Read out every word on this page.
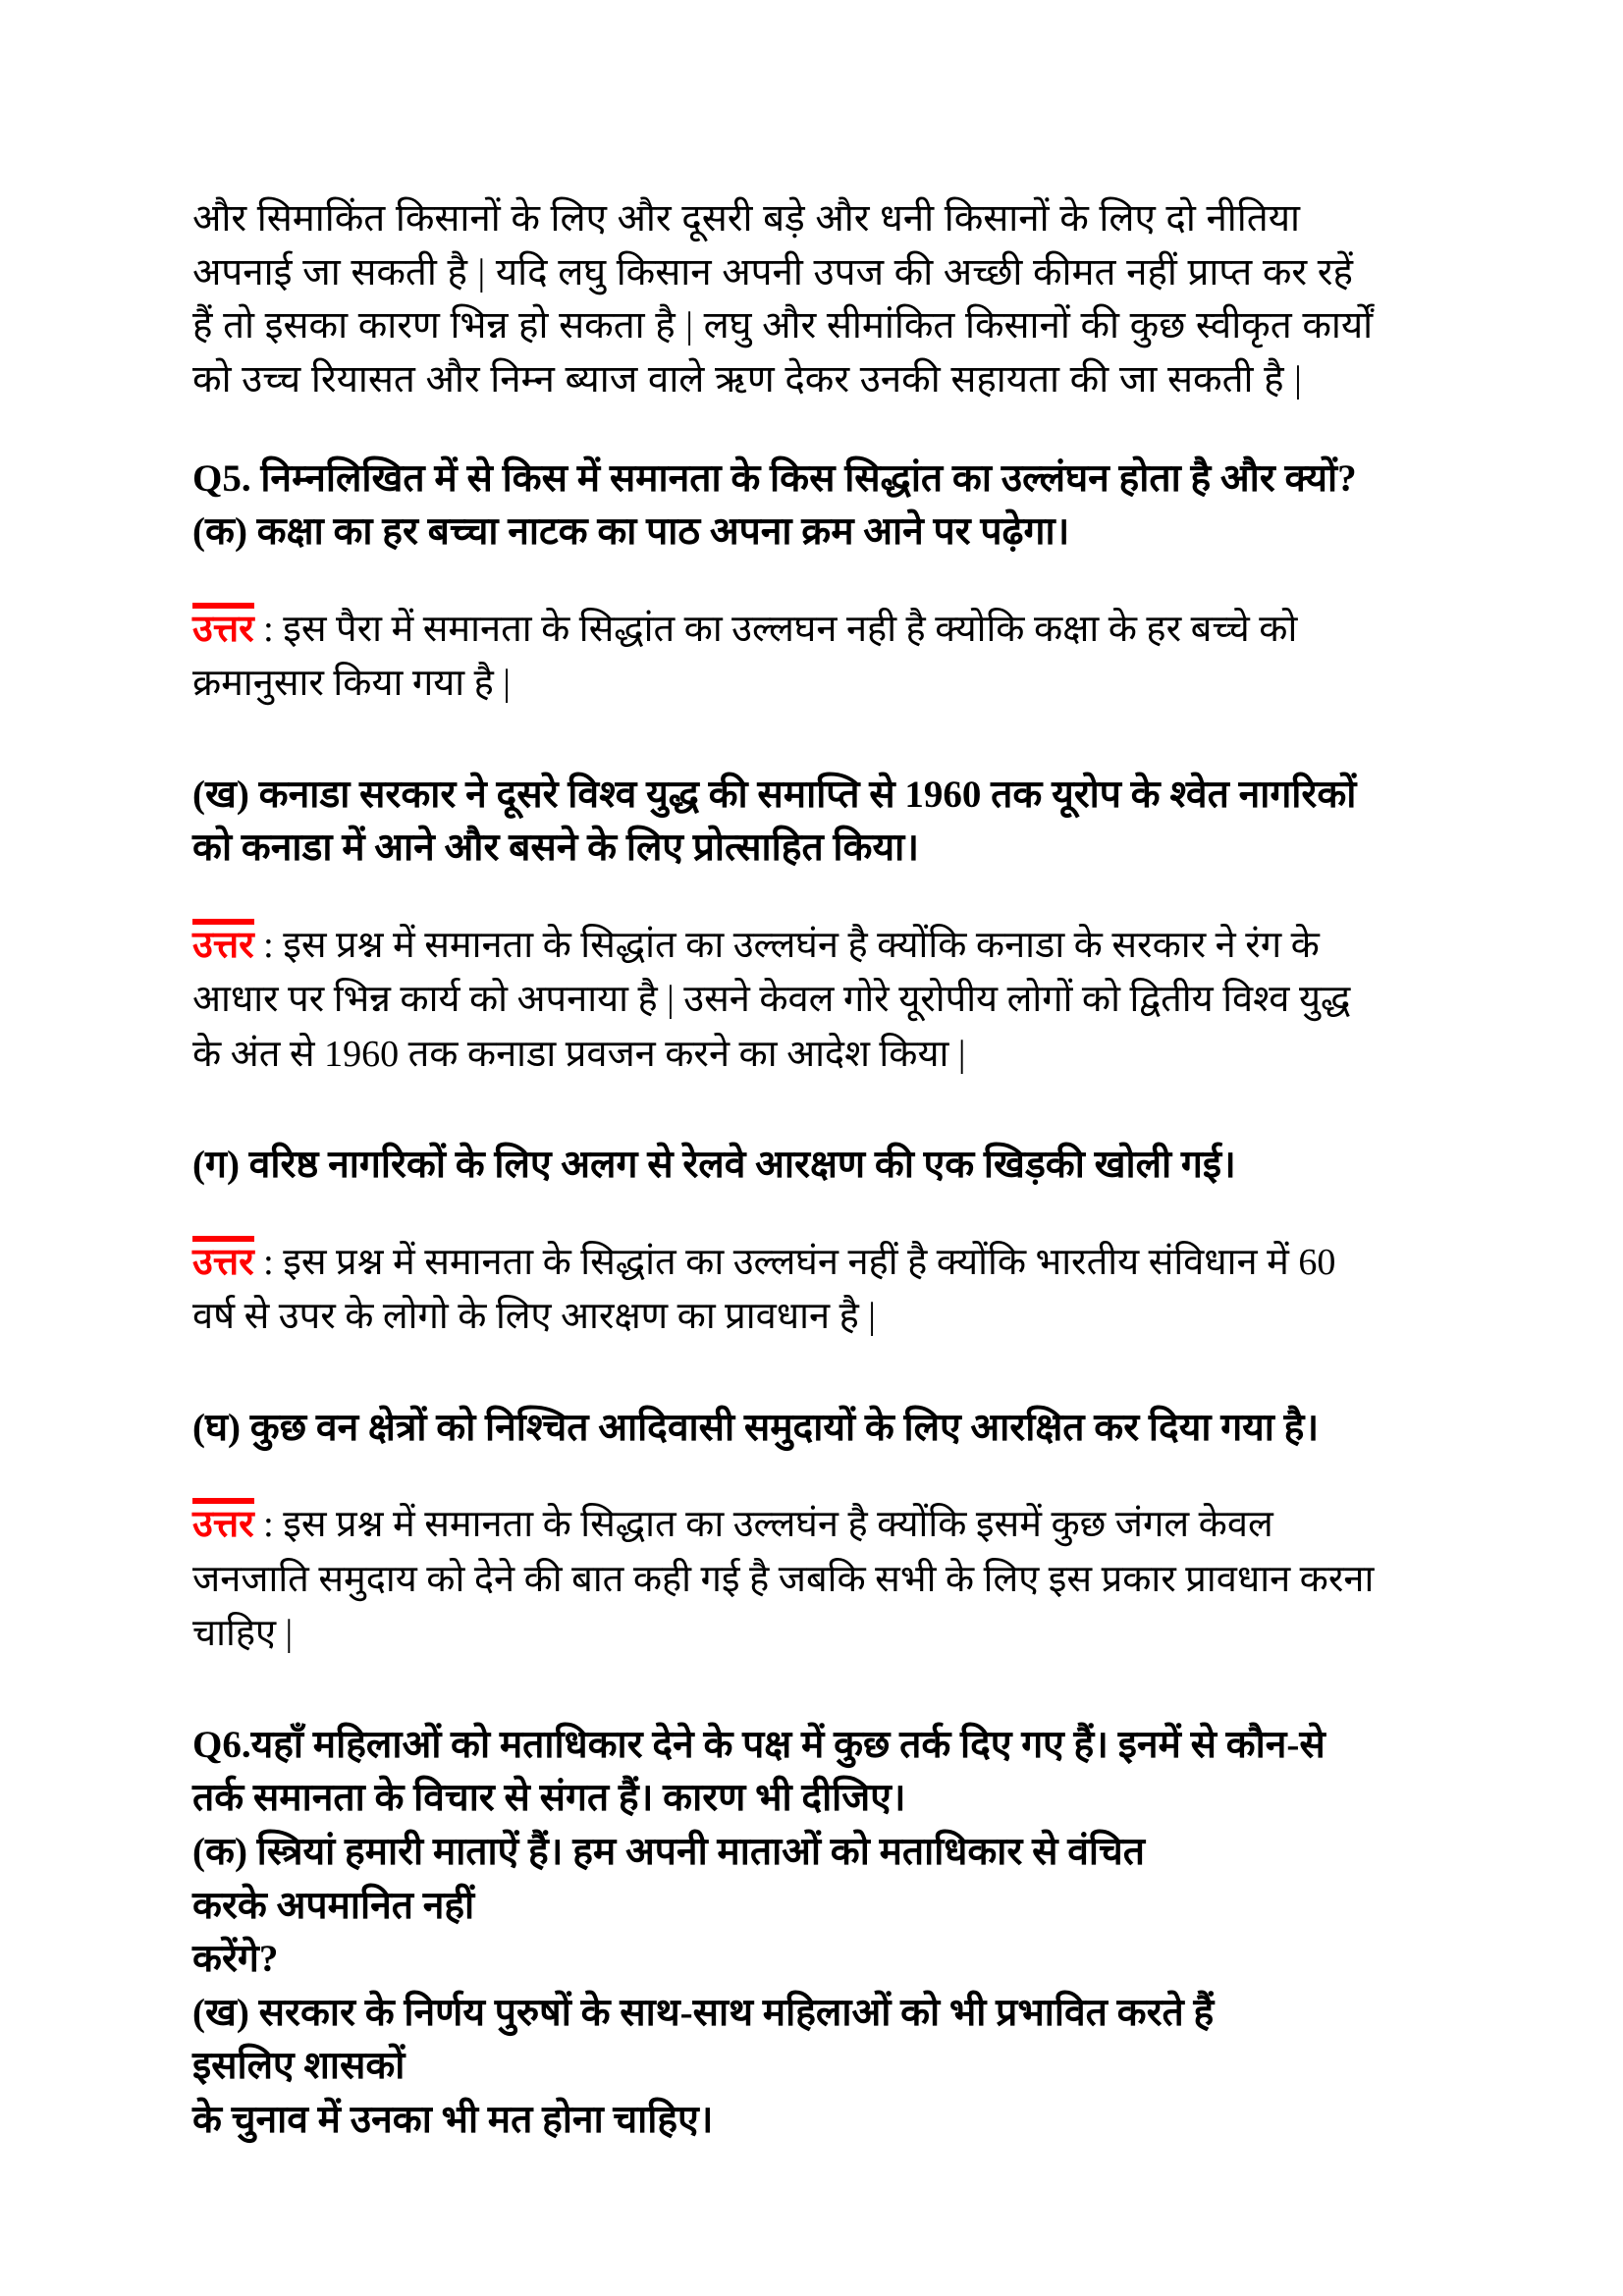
और सिमाकिंत किसानों के लिए और दूसरी बड़े और धनी किसानों के लिए दो नीतिया अपनाई जा सकती है | यदि लघु किसान अपनी उपज की अच्छी कीमत नहीं प्राप्त कर रहें हैं तो इसका कारण भिन्न हो सकता है | लघु और सीमांकित किसानों की कुछ स्वीकृत कार्यों को उच्च रियासत और निम्न ब्याज वाले ऋण देकर उनकी सहायता की जा सकती है |

Q5. निम्नलिखित में से किस में समानता के किस सिद्धांत का उल्लंघन होता है और क्यों?

(क) कक्षा का हर बच्चा नाटक का पाठ अपना क्रम आने पर पढ़ेगा।

उत्तर : इस पैरा में समानता के सिद्धांत का उल्लघन नही है क्योकि कक्षा के हर बच्चे को क्रमानुसार किया गया है |

(ख) कनाडा सरकार ने दूसरे विश्व युद्ध की समाप्ति से 1960 तक यूरोप के श्वेत नागरिकों को कनाडा में आने और बसने के लिए प्रोत्साहित किया।

उत्तर : इस प्रश्न में समानता के सिद्धांत का उल्लघंन है क्योंकि कनाडा के सरकार ने रंग के आधार पर भिन्न कार्य को अपनाया है | उसने केवल गोरे यूरोपीय लोगों को द्वितीय विश्व युद्ध के अंत से 1960 तक कनाडा प्रवजन करने का आदेश किया |

(ग) वरिष्ठ नागरिकों के लिए अलग से रेलवे आरक्षण की एक खिड़की खोली गई।

उत्तर : इस प्रश्न में समानता के सिद्धांत का उल्लघंन नहीं है क्योंकि भारतीय संविधान में 60 वर्ष से उपर के लोगो के लिए आरक्षण का प्रावधान है |

(घ) कुछ वन क्षेत्रों को निश्चित आदिवासी समुदायों के लिए आरक्षित कर दिया गया है।

उत्तर : इस प्रश्न में समानता के सिद्धात का उल्लघंन है क्योंकि इसमें कुछ जंगल केवल जनजाति समुदाय को देने की बात कही गई है जबकि सभी के लिए इस प्रकार प्रावधान करना चाहिए |

Q6.यहाँ महिलाओं को मताधिकार देने के पक्ष में कुछ तर्क दिए गए हैं। इनमें से कौन-से तर्क समानता के विचार से संगत हैं। कारण भी दीजिए।

(क) स्त्रियां हमारी माताऐं हैं। हम अपनी माताओं को मताधिकार से वंचित

करके अपमानित नहीं

करेंगे?

(ख) सरकार के निर्णय पुरुषों के साथ-साथ महिलाओं को भी प्रभावित करते हैं

इसलिए शासकों

के चुनाव में उनका भी मत होना चाहिए।
